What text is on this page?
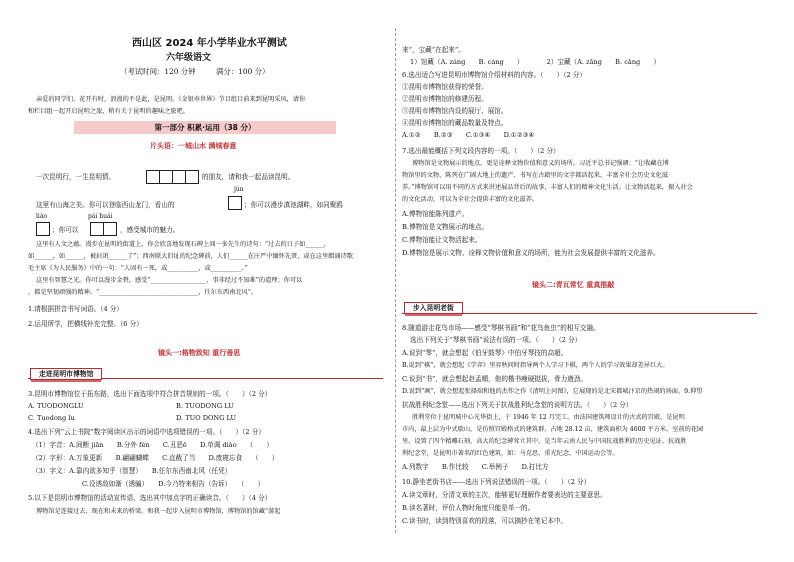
西山区 2024 年小学毕业水平测试
六年级语文
（考试时间：120 分钟	满分：100 分）
亲爱的同学们，花开有时，浪漫的不是此，是昆明。《金银寿世界》节目组目前来到昆明采风，请你
和栏目组一起开启昆明之旅，稍有关于昆明的趣味之旅吧。
第一部分 积累·运用（38 分）
片头语：一城山水 满城春意
一次昆明行，一生昆明情。	的朋友，请和我一起品读昆明。
jùn
这里有山海之美。你可以登临西山龙门，看山的	；你可以漫步滇池湖畔，如同聚鸥
liáo	pái huái
；你可以	，感受城市的魅力。
这里有人文之蕴。漫步在昆明的街道上，你会欣喜地发现石碑上闻一多先生的诗句：“过去的日子如______，
如______，如______，被封闭______了”；西南联大旧址的纪念碑前，人们______在庄严中缅怀先贤，或在这里朗诵诗歌
毛主席《为人民服务》中的一句：“人固有一死，或__________，或__________。”
这里有智慧之光。你可以漫步金碧，感受“__________________，事非经过不知难”的道理；你可以
，都是坚韧顽强的精神。“________________________________，任尔东西南北风”。
1.请根据拼音书写词语。（4 分）
2.运用所学，把横线补充完整。（6 分）
镜头一:格物致知 重行善思
走进昆明市博物馆
3.昆明市博物馆位于拓东路，选出下面选项中符合拼音规则的一项。（　　）（2 分）
A. TUODONGLU	B. TUODONG LU
C. Tuodong lu	D. TUO DONG LU
4.选出下列“云上书院”数字阅读区出示的词语中选项错误的一项。（　　）（2 分）
（1）字音：A.间断 jiān　　B.分外 fèn　　C.丑恶ē　　D.单调 diào　　（　　）
（2）字形：A.万象更新　　B.翩翩蝴蝶　　C.直截了当　　D.废寝忘食　　（　　）
（3）字义：A.靠内欲多知乎（智慧）　　B.任尔东西南北风（任凭）
C.设诱敌如渐（诱骗）　　D.今乃特来相告（告诉）　　（　　）
5.以下是昆明市博物馆的活动宣传语，选出其中加点字的正确读音。（　　）（4 分）
博物馆是连接过去、现在和未来的桥梁。和我一起步入昆明市博物馆，博物馆的馆藏“游起
来”，宝藏“在起来”。
1）馆藏（A. záng　　B. cáng　　）　　　　2）宝藏（A. zāng　　B. cāng　　）
6.选出适合写进昆明市博物馆介绍材料的内容。（　　）（2 分）
①昆明市博物馆获得的荣誉。
②昆明市博物馆的修建历程。
③昆明市博物馆内设的展厅、展馆。
④昆明市博物馆的藏品数量及特点。
A.①②　　B.②③　　C.①③④　　D.①②③④
7.选出最能概括下列文段内容的一项。（　　）（2 分）
博物馆是文物展示的地点，更是诠释文物价值和意义的场所。习近平总书记强调：“让收藏在博
物馆里的文物、陈列在广阔大地上的遗产、书写在古籍里的文字都活起来，丰富全社会历史文化滋
养。”博物馆可以用不同的方式来讲述展品背后的故事，丰富人们的精神文化生活。让文物活起来，振入社会
的文化活动，可以为全社会提供丰富的文化滋养。
A.博物馆能陈列遗产。
B.博物馆是文物展示的地点。
C.博物馆能让文物活起来。
D.博物馆是展示文物、诠释文物价值和意义的场所，能为社会发展提供丰富的文化滋养。
镜头二:青瓦常忆 重真推敲
步入昆明老街
8.随道游走花鸟市场——感受“琴棋书画”和“花鸟鱼虫”的相互交融。
选出下列关于“琴棋书画”说法有误的一项。（　　）（2 分）
A.说到“琴”，就会想起《伯牙鼓琴》中伯牙琴技的高超。
B.说到“棋”，就会想起《学弈》里弈秋问时指导两个人学习下棋，两个人的学习效果却差异巨大。
C.说到“书”，就会想起赵孟頫，他的楷书瘦硬挺拔，骨力遒劲。
D.说到“画”，就会想起张择端和他的杰作之作《清明上河图》，它展现的是北宋都城汴京的热闹的场面。9.抑望
抗战胜利纪念堂——选出下列关于抗战胜利纪念堂的说明方法。（　　）（2 分）
胜利堂位于昆明城中心光华街上，于 1946 年 12 月完工。由法国建筑师设计的古式的宫殿，是昆明
市内，最上层为中式歇山，是仿照宫殿格式的建筑群。占地 28.12 亩，建筑面积为 4600 平方米。室前的花园
里，设置了四个精雕石刻，高大的纪念碑耸立其中，是当年云南人民与中国抗战胜利的历史见证。抗战胜
利纪念堂，是昆明市著名的红色建筑，如：马克思、重光纪念、中国运动会等。
A.列数字　　B.作比较　　C.举例子　　D.打比方
10.静坐老街书店——选出下列说法错误的一项。（　　）（2 分）
A.读文章时，分清文章的主次，能够更好理解作者要表达的主要意思。
B.读名著时，评价人物时角度只能是单一的。
C.读书时，读到特别喜欢的段落，可以摘抄在笔记本中。
